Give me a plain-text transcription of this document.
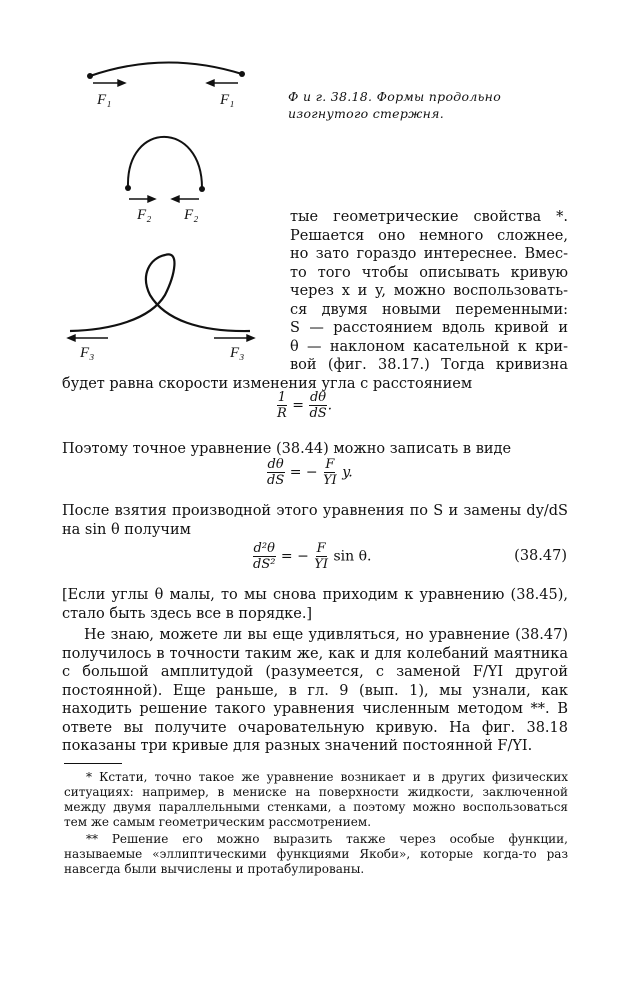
F₁	F₁
F₂ F₂
F₃	F₃
Ф и г. 38.18. Формы продольно изогнутого стержня.
тые геометрические свойства *.
Решается оно немного сложнее,
но зато гораздо интереснее. Вмес-
то того чтобы описывать кривую
через x и y, можно воспользовать-
ся двумя новыми переменными:
S — расстоянием вдоль кривой и
θ — наклоном касательной к кри-
вой (фиг. 38.17.) Тогда кривизна
будет равна скорости изменения угла с расстоянием
$\frac{1}{R} = \frac{d\theta}{dS}$ .
Поэтому точное уравнение (38.44) можно записать в виде
$\frac{d\theta}{dS}$ = − $\frac{F}{YI} y$.
После взятия производной этого уравнения по S и замены dy/dS на sin θ получим
$\frac{\text{d²θ}}{\text{dS²}}$ = − $\frac{F}{YI}$ sin θ.	(38.47)
[Если углы θ малы, то мы снова приходим к уравнению (38.45), стало быть здесь все в порядке.]
Не знаю, можете ли вы еще удивляться, но уравнение (38.47) получилось в точности таким же, как и для колебаний маятника с большой амплитудой (разумеется, с заменой F/YI другой постоянной). Еще раньше, в гл. 9 (вып. 1), мы узнали, как находить решение такого уравнения численным методом **. В ответе вы получите очаровательную кривую. На фиг. 38.18 показаны три кривые для разных значений постоянной F/YI.
* Кстати, точно такое же уравнение возникает и в других физических ситуациях: например, в мениске на поверхности жидкости, заключенной между двумя параллельными стенками, а поэтому можно воспользоваться тем же самым геометрическим рассмотрением.
** Решение его можно выразить также через особые функции, называемые «эллиптическими функциями Якоби», которые когда-то раз навсегда были вычислены и протабулированы.
